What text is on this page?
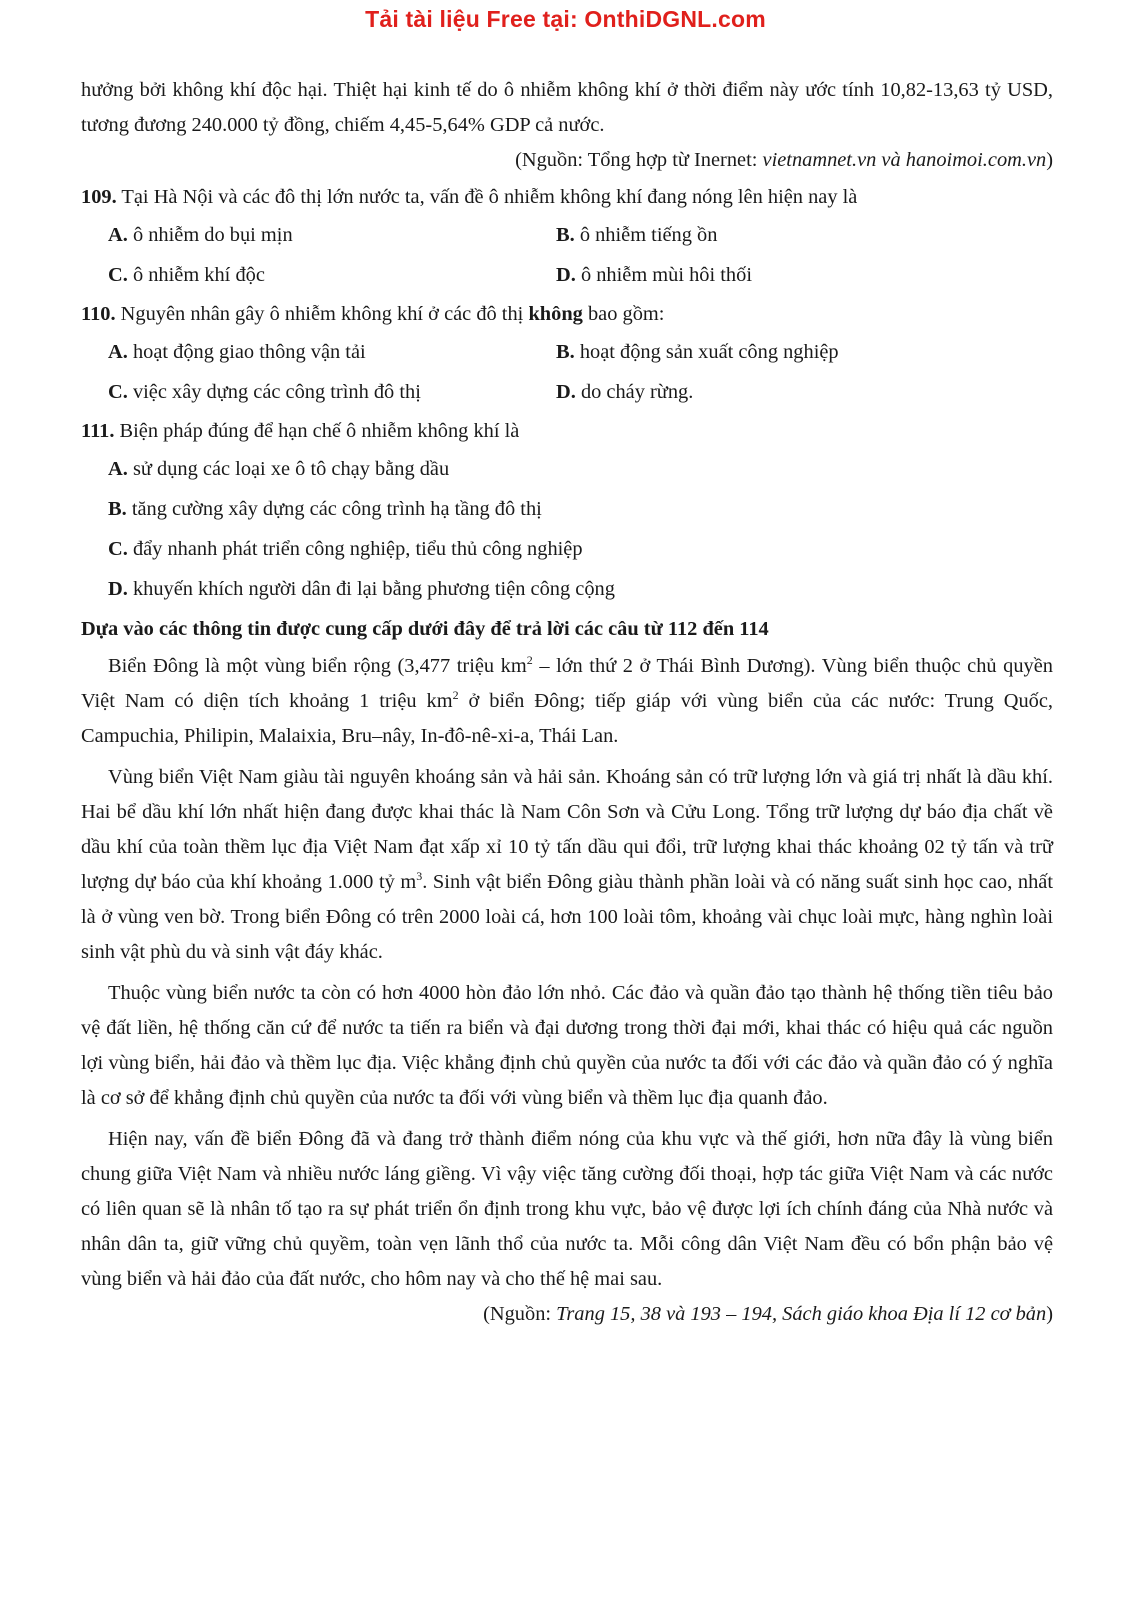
Tải tài liệu Free tại: OnthiDGNL.com

hưởng bởi không khí độc hại. Thiệt hại kinh tế do ô nhiễm không khí ở thời điểm này ước tính 10,82-13,63 tỷ USD, tương đương 240.000 tỷ đồng, chiếm 4,45-5,64% GDP cả nước.

(Nguồn: Tổng hợp từ Inernet: vietnamnet.vn và hanoimoi.com.vn)

109. Tại Hà Nội và các đô thị lớn nước ta, vấn đề ô nhiễm không khí đang nóng lên hiện nay là

A. ô nhiễm do bụi mịn	B. ô nhiễm tiếng ồn
C. ô nhiễm khí độc	D. ô nhiễm mùi hôi thối

110. Nguyên nhân gây ô nhiễm không khí ở các đô thị không bao gồm:

A. hoạt động giao thông vận tải	B. hoạt động sản xuất công nghiệp
C. việc xây dựng các công trình đô thị	D. do cháy rừng.

111. Biện pháp đúng để hạn chế ô nhiễm không khí là

A. sử dụng các loại xe ô tô chạy bằng dầu
B. tăng cường xây dựng các công trình hạ tầng đô thị
C. đẩy nhanh phát triển công nghiệp, tiểu thủ công nghiệp
D. khuyến khích người dân đi lại bằng phương tiện công cộng

Dựa vào các thông tin được cung cấp dưới đây để trả lời các câu từ 112 đến 114

Biển Đông là một vùng biển rộng (3,477 triệu $km^2$ – lớn thứ 2 ở Thái Bình Dương). Vùng biển thuộc chủ quyền Việt Nam có diện tích khoảng 1 triệu $km^2$ ở biển Đông; tiếp giáp với vùng biển của các nước: Trung Quốc, Campuchia, Philipin, Malaixia, Bru–nây, In-đô-nê-xi-a, Thái Lan.

Vùng biển Việt Nam giàu tài nguyên khoáng sản và hải sản. Khoáng sản có trữ lượng lớn và giá trị nhất là dầu khí. Hai bể dầu khí lớn nhất hiện đang được khai thác là Nam Côn Sơn và Cửu Long. Tổng trữ lượng dự báo địa chất về dầu khí của toàn thềm lục địa Việt Nam đạt xấp xỉ 10 tỷ tấn dầu qui đổi, trữ lượng khai thác khoảng 02 tỷ tấn và trữ lượng dự báo của khí khoảng 1.000 tỷ $m^3$. Sinh vật biển Đông giàu thành phần loài và có năng suất sinh học cao, nhất là ở vùng ven bờ. Trong biển Đông có trên 2000 loài cá, hơn 100 loài tôm, khoảng vài chục loài mực, hàng nghìn loài sinh vật phù du và sinh vật đáy khác.

Thuộc vùng biển nước ta còn có hơn 4000 hòn đảo lớn nhỏ. Các đảo và quần đảo tạo thành hệ thống tiền tiêu bảo vệ đất liền, hệ thống căn cứ để nước ta tiến ra biển và đại dương trong thời đại mới, khai thác có hiệu quả các nguồn lợi vùng biển, hải đảo và thềm lục địa. Việc khẳng định chủ quyền của nước ta đối với các đảo và quần đảo có ý nghĩa là cơ sở để khẳng định chủ quyền của nước ta đối với vùng biển và thềm lục địa quanh đảo.

Hiện nay, vấn đề biển Đông đã và đang trở thành điểm nóng của khu vực và thế giới, hơn nữa đây là vùng biển chung giữa Việt Nam và nhiều nước láng giềng. Vì vậy việc tăng cường đối thoại, hợp tác giữa Việt Nam và các nước có liên quan sẽ là nhân tố tạo ra sự phát triển ổn định trong khu vực, bảo vệ được lợi ích chính đáng của Nhà nước và nhân dân ta, giữ vững chủ quyềm, toàn vẹn lãnh thổ của nước ta. Mỗi công dân Việt Nam đều có bổn phận bảo vệ vùng biển và hải đảo của đất nước, cho hôm nay và cho thế hệ mai sau.

(Nguồn: Trang 15, 38 và 193 – 194, Sách giáo khoa Địa lí 12 cơ bản)
